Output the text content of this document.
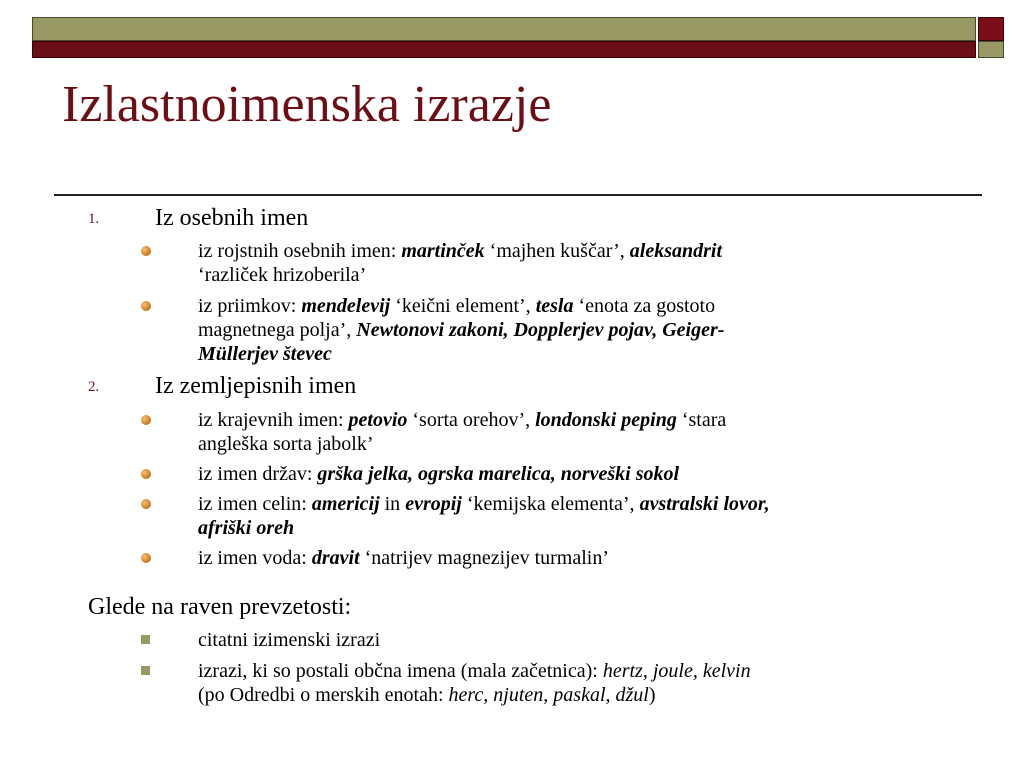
Izlastnoimenska izrazje
1. Iz osebnih imen
iz rojstnih osebnih imen: martinček ‘majhen kuščar’, aleksandrit
‘različek hrizoberila’
iz priimkov: mendelevij ‘keični element’, tesla ‘enota za gostoto
magnetnega polja’, Newtonovi zakoni, Dopplerjev pojav, Geiger-
Müllerjev števec
2. Iz zemljepisnih imen
iz krajevnih imen: petovio ‘sorta orehov’, londonski peping ‘stara
angleška sorta jabolk’
iz imen držav: grška jelka, ogrska marelica, norveški sokol
iz imen celin: americij in evropij ‘kemijska elementa’, avstralski lovor,
afriški oreh
iz imen voda: dravit ‘natrijev magnezijev turmalin’
Glede na raven prevzetosti:
citatni izimenski izrazi
izrazi, ki so postali občna imena (mala začetnica): hertz, joule, kelvin
(po Odredbi o merskih enotah: herc, njuten, paskal, džul)
